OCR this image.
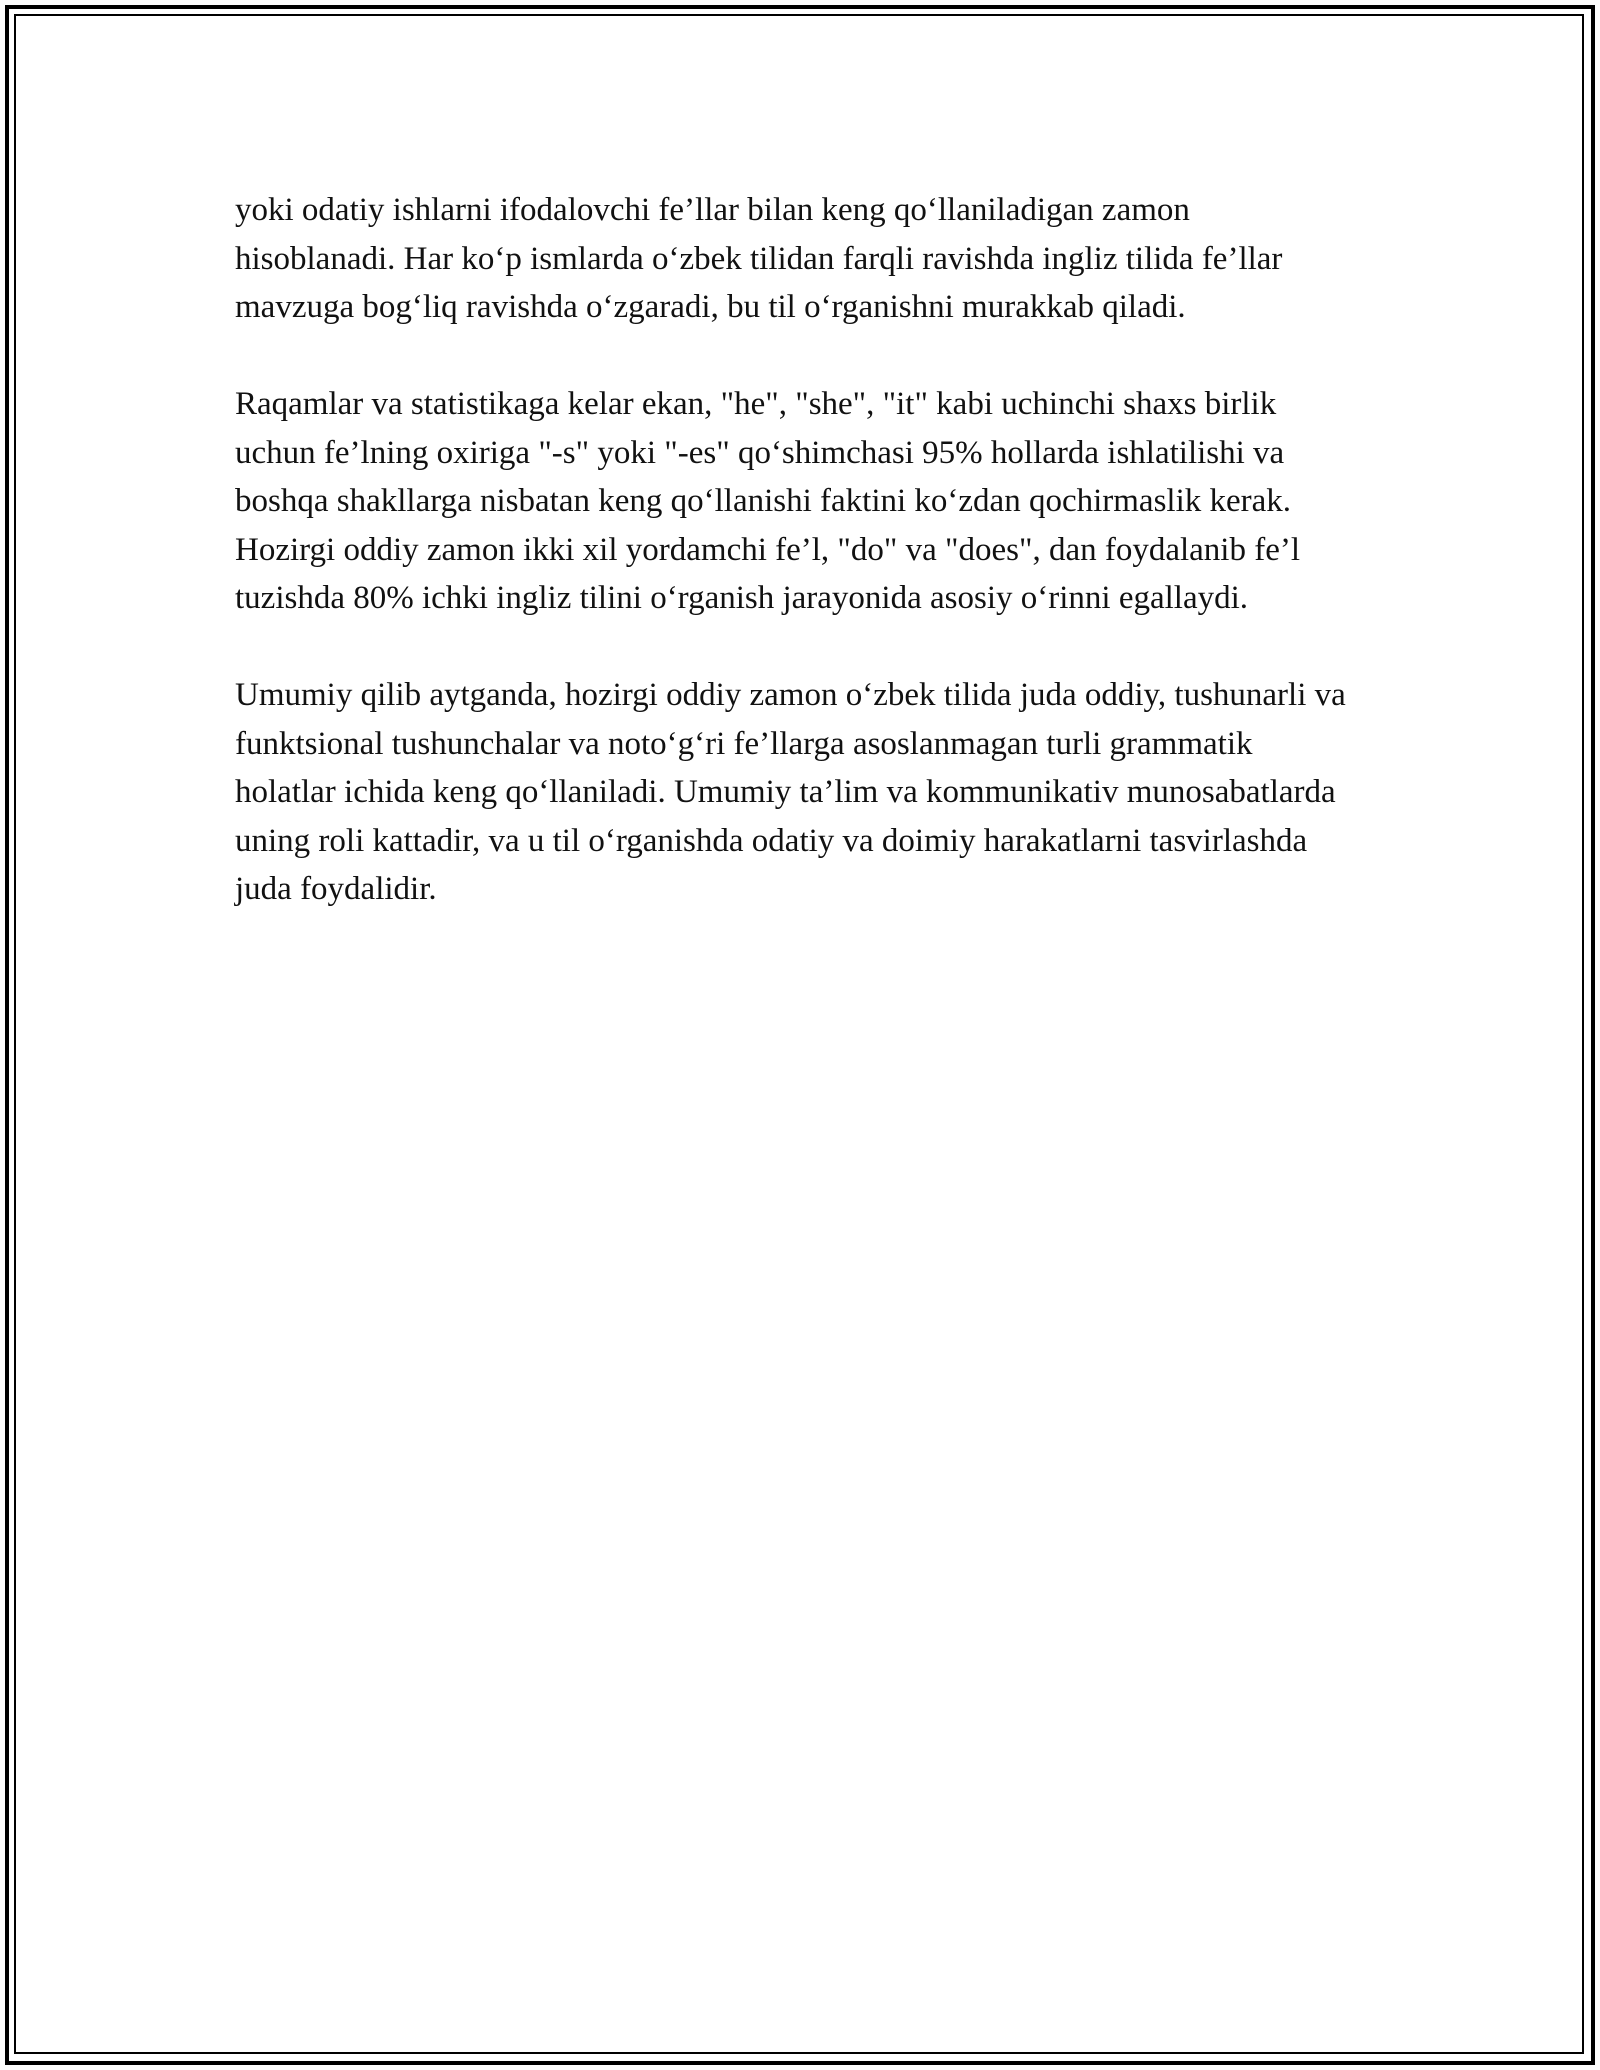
yoki odatiy ishlarni ifodalovchi fe’llar bilan keng qo‘llaniladigan zamon hisoblanadi. Har ko‘p ismlarda o‘zbek tilidan farqli ravishda ingliz tilida fe’llar mavzuga bog‘liq ravishda o‘zgaradi, bu til o‘rganishni murakkab qiladi.

Raqamlar va statistikaga kelar ekan, "he", "she", "it" kabi uchinchi shaxs birlik uchun fe’lning oxiriga "-s" yoki "-es" qo‘shimchasi 95% hollarda ishlatilishi va boshqa shakllarga nisbatan keng qo‘llanishi faktini ko‘zdan qochirmaslik kerak. Hozirgi oddiy zamon ikki xil yordamchi fe’l, "do" va "does", dan foydalanib fe’l tuzishda 80% ichki ingliz tilini o‘rganish jarayonida asosiy o‘rinni egallaydi.

Umumiy qilib aytganda, hozirgi oddiy zamon o‘zbek tilida juda oddiy, tushunarli va funktsional tushunchalar va noto‘g‘ri fe’llarga asoslanmagan turli grammatik holatlar ichida keng qo‘llaniladi. Umumiy ta’lim va kommunikativ munosabatlarda uning roli kattadir, va u til o‘rganishda odatiy va doimiy harakatlarni tasvirlashda juda foydalidir.
